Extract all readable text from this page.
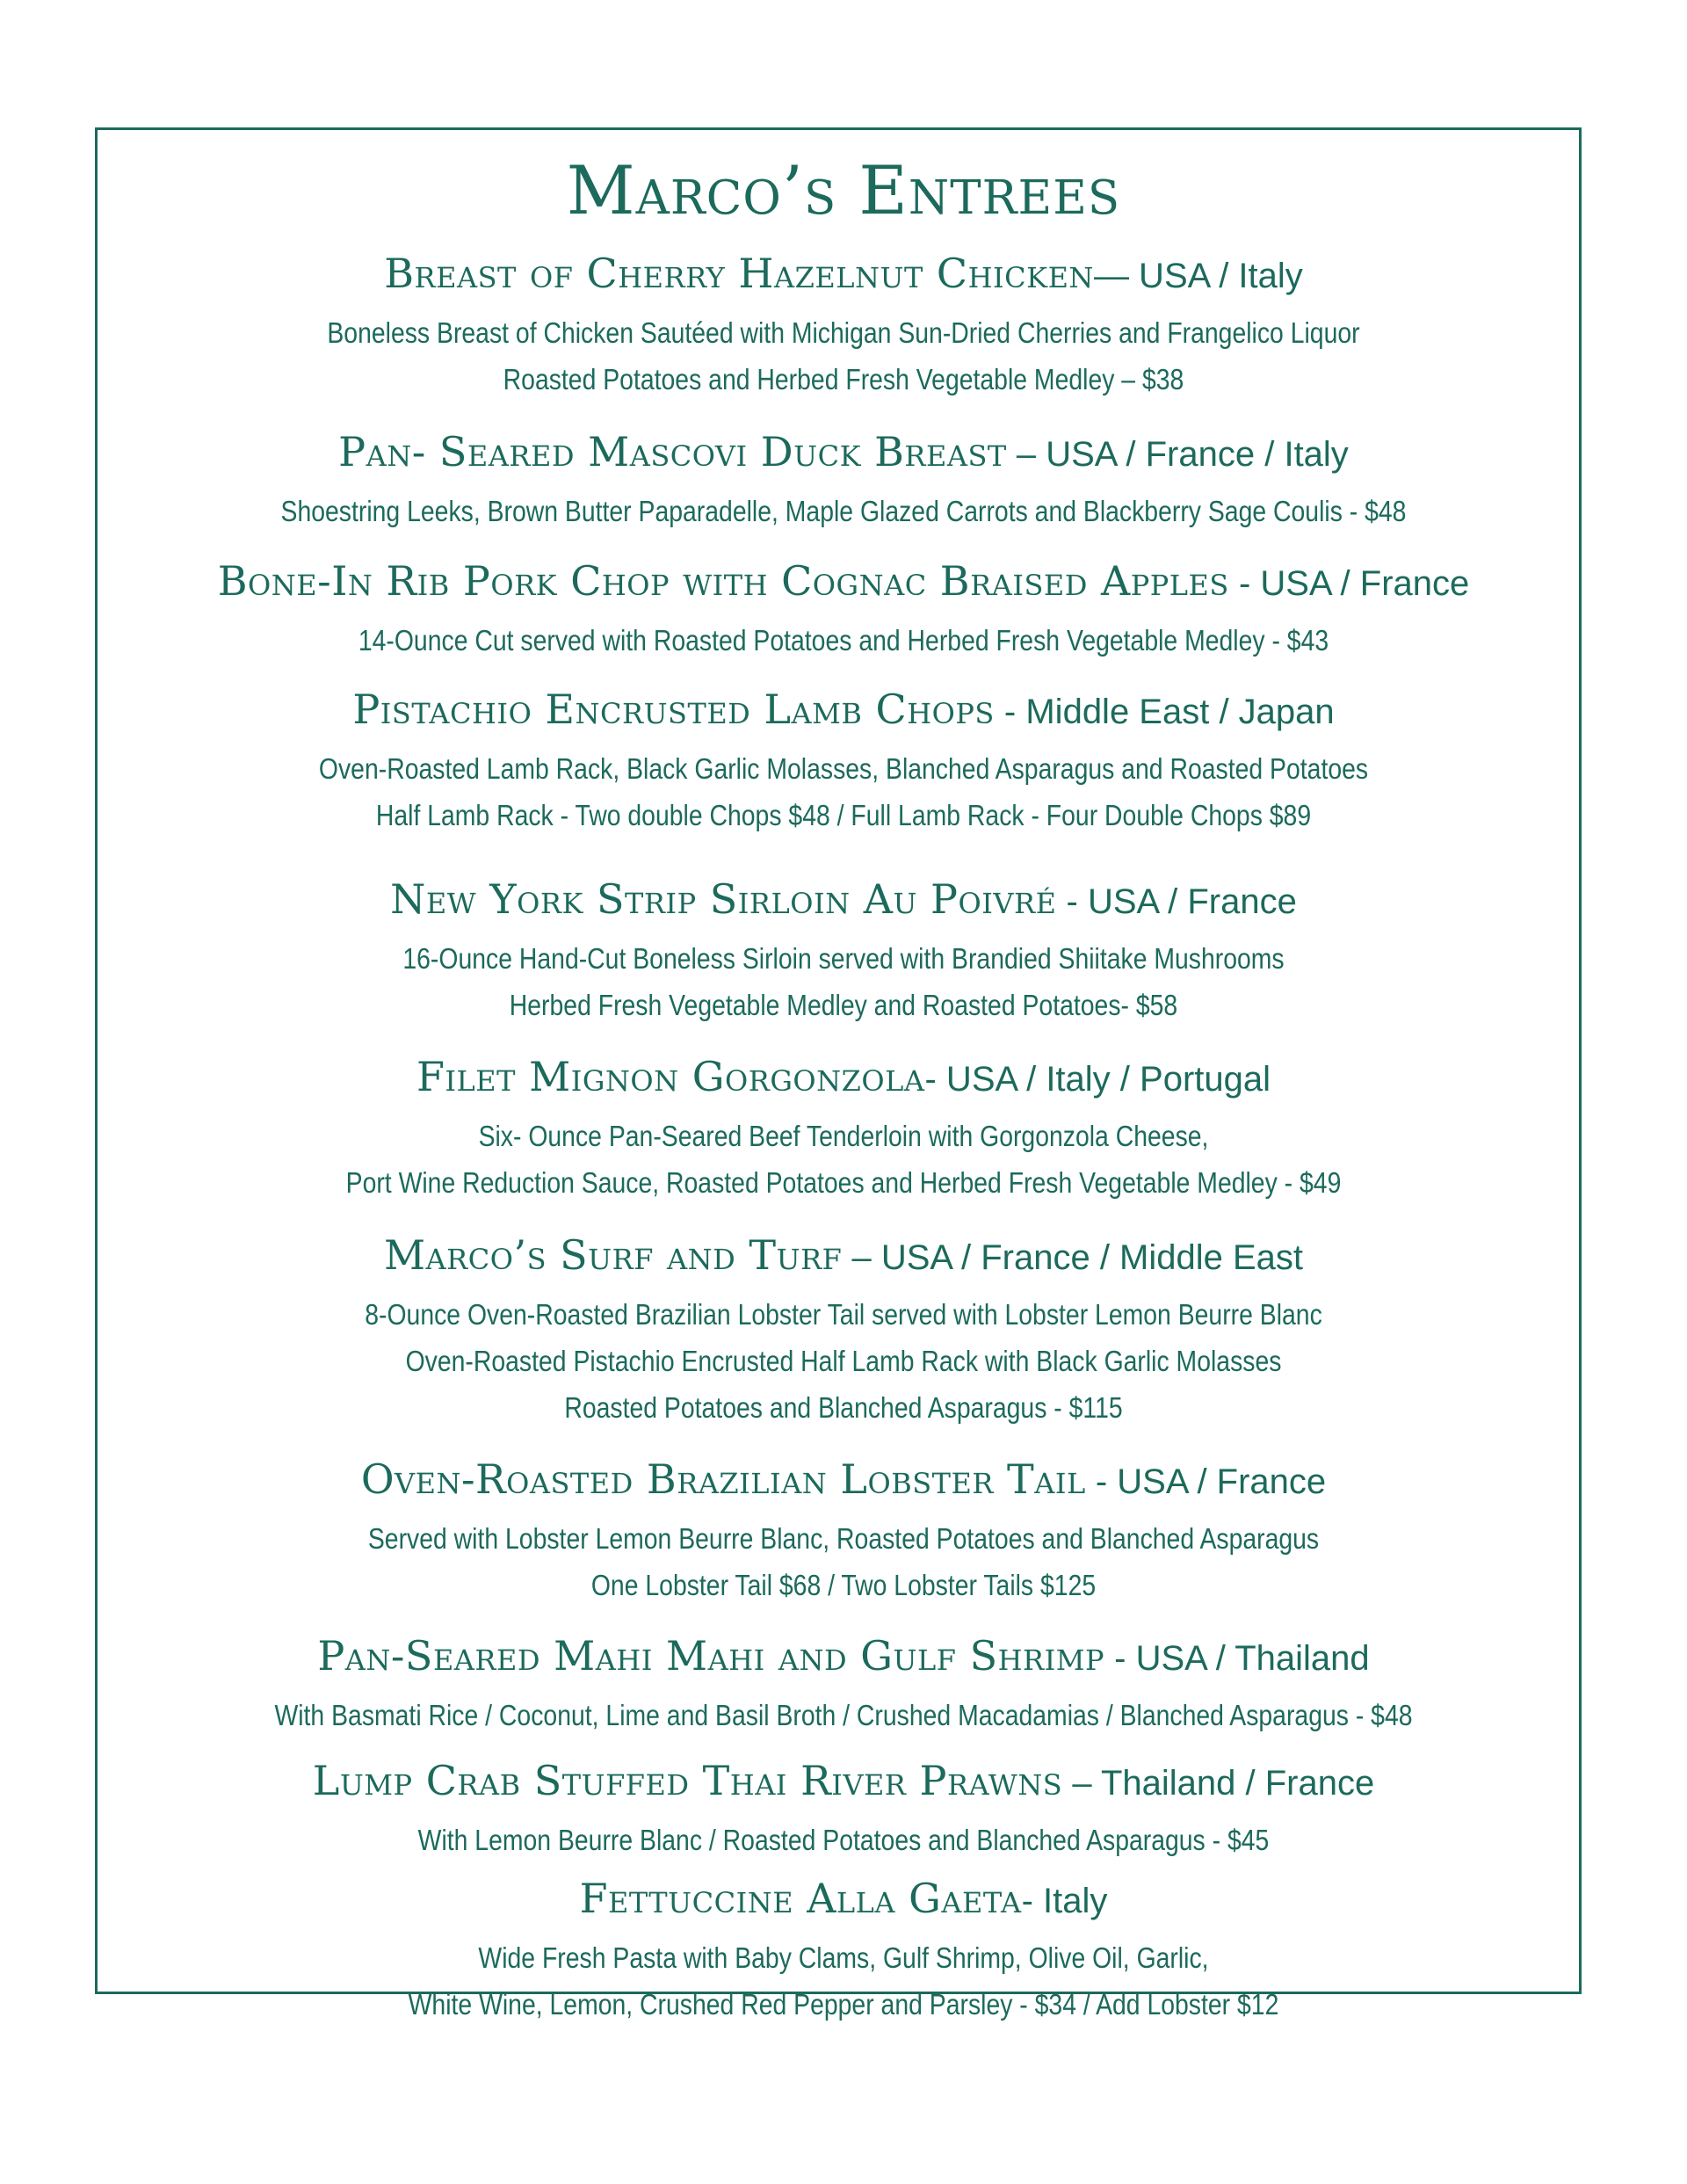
Marco’s Entrees

Breast of Cherry Hazelnut Chicken— USA / Italy

Boneless Breast of Chicken Sautéed with Michigan Sun-Dried Cherries and Frangelico Liquor

Roasted Potatoes and Herbed Fresh Vegetable Medley – $38

Pan- Seared Mascovi Duck Breast – USA / France / Italy

Shoestring Leeks, Brown Butter Paparadelle, Maple Glazed Carrots and Blackberry Sage Coulis - $48

Bone-In Rib Pork Chop with Cognac Braised Apples - USA / France

14-Ounce Cut served with Roasted Potatoes and Herbed Fresh Vegetable Medley - $43

Pistachio Encrusted Lamb Chops - Middle East / Japan

Oven-Roasted Lamb Rack, Black Garlic Molasses, Blanched Asparagus and Roasted Potatoes

Half Lamb Rack - Two double Chops $48 / Full Lamb Rack - Four Double Chops $89

New York Strip Sirloin Au Poivré - USA / France

16-Ounce Hand-Cut Boneless Sirloin served with Brandied Shiitake Mushrooms

Herbed Fresh Vegetable Medley and Roasted Potatoes- $58

Filet Mignon Gorgonzola- USA / Italy / Portugal

Six- Ounce Pan-Seared Beef Tenderloin with Gorgonzola Cheese,

Port Wine Reduction Sauce, Roasted Potatoes and Herbed Fresh Vegetable Medley - $49

Marco’s Surf and Turf – USA / France / Middle East

8-Ounce Oven-Roasted Brazilian Lobster Tail served with Lobster Lemon Beurre Blanc

Oven-Roasted Pistachio Encrusted Half Lamb Rack with Black Garlic Molasses

Roasted Potatoes and Blanched Asparagus - $115

Oven-Roasted Brazilian Lobster Tail - USA / France

Served with Lobster Lemon Beurre Blanc, Roasted Potatoes and Blanched Asparagus

One Lobster Tail $68 / Two Lobster Tails $125

Pan-Seared Mahi Mahi and Gulf Shrimp - USA / Thailand

With Basmati Rice / Coconut, Lime and Basil Broth / Crushed Macadamias / Blanched Asparagus - $48

Lump Crab Stuffed Thai River Prawns – Thailand / France

With Lemon Beurre Blanc / Roasted Potatoes and Blanched Asparagus - $45

Fettuccine Alla Gaeta- Italy

Wide Fresh Pasta with Baby Clams, Gulf Shrimp, Olive Oil, Garlic,

White Wine, Lemon, Crushed Red Pepper and Parsley - $34 / Add Lobster $12
